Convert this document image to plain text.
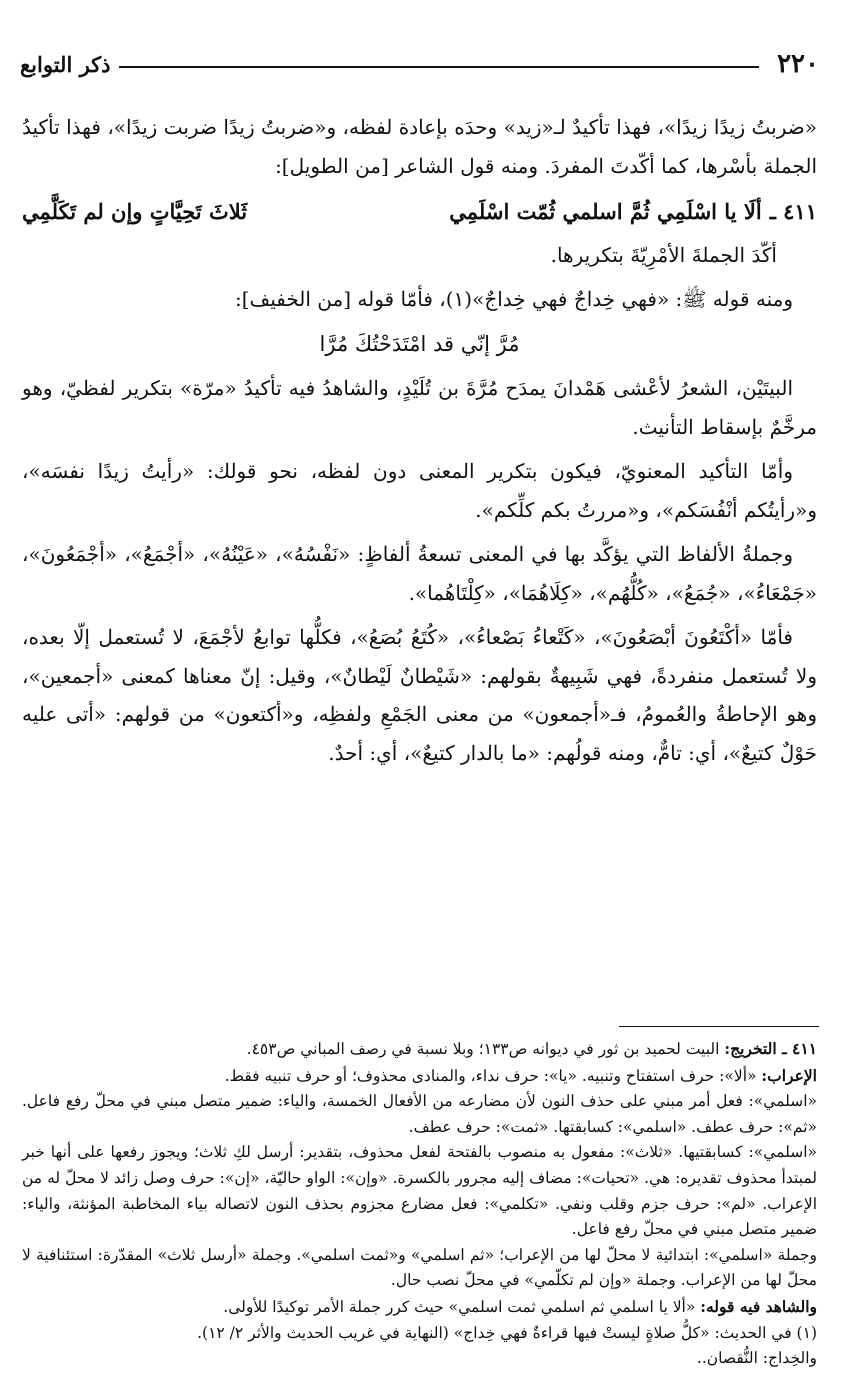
٢٢٠
ذكر التوابع

«ضربتُ زيدًا زيدًا»، فهذا تأكيدٌ لـ«زيد» وحدَه بإعادة لفظه، و«ضربتُ زيدًا ضربت زيدًا»، فهذا تأكيدُ الجملة بأسْرها، كما أكّدتَ المفردَ. ومنه قول الشاعر [من الطويل]:

٤١١ ـ
ألَا يا اسْلَمِي ثُمَّ اسلمي ثُمّت اسْلَمِي
ثَلاثَ تَحِيَّاتٍ وإن لم تَكَلَّمِي

أكّدَ الجملةَ الأمْرِيّةَ بتكريرها.

ومنه قوله ﷺ: «فهي خِداجٌ فهي خِداجٌ»(١)، فأمّا قوله [من الخفيف]:

مُرَّ إنّي قد امْتَدَحْتُكَ مُرَّا

البيتَيْن، الشعرُ لأعْشى هَمْدانَ يمدَح مُرَّةَ بن تُلَيْدٍ، والشاهدُ فيه تأكيدُ «مرّة» بتكرير لفظيّ، وهو مرخَّمٌ بإسقاط التأنيث.

وأمّا التأكيد المعنويّ، فيكون بتكرير المعنى دون لفظه، نحو قولك: «رأيتُ زيدًا نفسَه»، و«رأيتُكم أنْفُسَكم»، و«مررتُ بكم كلِّكم».

وجملةُ الألفاظ التي يؤكَّد بها في المعنى تسعةُ ألفاظٍ: «نَفْسُهُ»، «عَيْنُهُ»، «أجْمَعُ»، «أجْمَعُونَ»، «جَمْعَاءُ»، «جُمَعُ»، «كُلُّهُم»، «كِلَاهُمَا»، «كِلْتَاهُما».

فأمّا «أكْتَعُونَ أبْصَعُونَ»، «كَتْعاءُ بَصْعاءُ»، «كُتَعُ بُصَعُ»، فكلُّها توابعُ لأجْمَعَ، لا تُستعمل إلّا بعده، ولا تُستعمل منفردةً، فهي شَبِيهةٌ بقولهم: «شَيْطانٌ لَيْطانٌ»، وقيل: إنّ معناها كمعنى «أجمعين»، وهو الإحاطةُ والعُمومُ، فـ«أجمعون» من معنى الجَمْعِ ولفظِه، و«أكتعون» من قولهم: «أتى عليه حَوْلٌ كتيعٌ»، أي: تامٌّ، ومنه قولُهم: «ما بالدار كتيعٌ»، أي: أحدٌ.

٤١١ ـ التخريج: البيت لحميد بن ثور في ديوانه ص١٣٣؛ وبلا نسبة في رصف المباني ص٤٥٣.

الإعراب: «ألا»: حرف استفتاح وتنبيه. «يا»: حرف نداء، والمنادى محذوف؛ أو حرف تنبيه فقط.

«اسلمي»: فعل أمر مبني على حذف النون لأن مضارعه من الأفعال الخمسة، والياء: ضمير متصل مبني في محلّ رفع فاعل. «ثم»: حرف عطف. «اسلمي»: كسابقتها. «ثمت»: حرف عطف.

«اسلمي»: كسابقتيها. «ثلاث»: مفعول به منصوب بالفتحة لفعل محذوف، بتقدير: أرسل لكِ ثلاث؛ ويجوز رفعها على أنها خبر لمبتدأ محذوف تقديره: هي. «تحيات»: مضاف إليه مجرور بالكسرة. «وإن»: الواو حاليّة، «إن»: حرف وصل زائد لا محلّ له من الإعراب. «لم»: حرف جزم وقلب ونفي. «تكلمي»: فعل مضارع مجزوم بحذف النون لاتصاله بياء المخاطبة المؤنثة، والياء: ضمير متصل مبني في محلّ رفع فاعل.

وجملة «اسلمي»: ابتدائية لا محلّ لها من الإعراب؛ «ثم اسلمي» و«ثمت اسلمي». وجملة «أرسل ثلاث» المقدّرة: استئنافية لا محلّ لها من الإعراب. وجملة «وإن لم تكلّمي» في محلّ نصب حال.

والشاهد فيه قوله: «ألا يا اسلمي ثم اسلمي ثمت اسلمي» حيث كرر جملة الأمر توكيدًا للأولى.

(١) في الحديث: «كلُّ صلاةٍ ليستْ فيها قراءةٌ فهي خِداج» (النهاية في غريب الحديث والأثر ٢/ ١٢).

والخِداج: النُّقصان..
